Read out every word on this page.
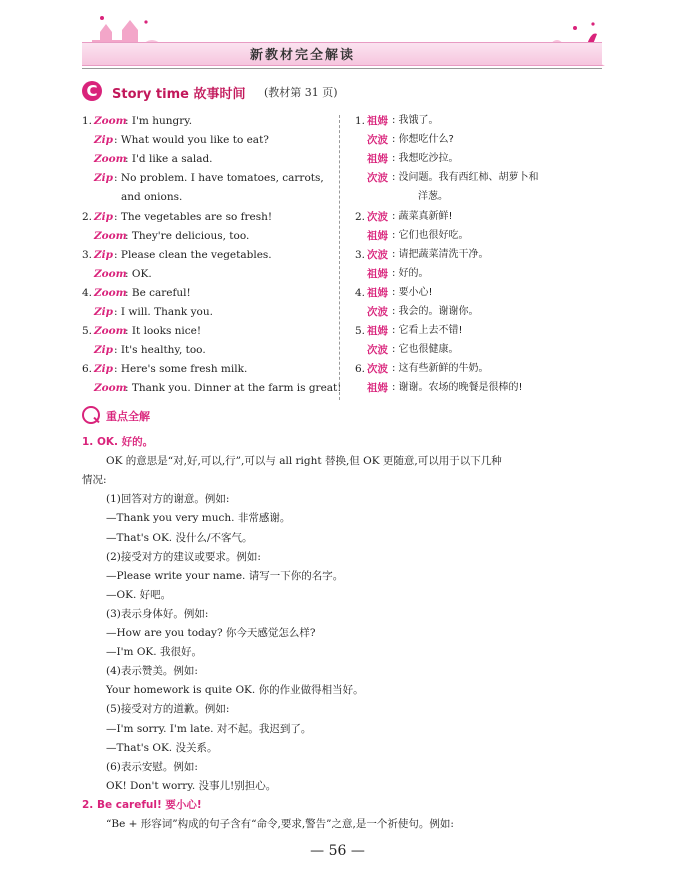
新教材完全解读
C	Story time 故事时间 (教材第 31 页)
1. Zoom
: I'm hungry.
Zip : What would you like to eat?
Zoom
: I'd like a salad.
Zip : No problem. I have tomatoes, carrots,
and onions.
2. Zip : The vegetables are so fresh!
Zoom
: They're delicious, too.
3. Zip : Please clean the vegetables.
Zoom
: OK.
4. Zoom
: Be careful!
Zip : I will. Thank you.
5. Zoom
: It looks nice!
Zip : It's healthy, too.
6. Zip : Here's some fresh milk.
Zoom
: Thank you. Dinner at the farm is great!
1. 祖姆 : 我饿了。
次波 : 你想吃什么?
祖姆 : 我想吃沙拉。
次波 : 没问题。我有西红柿、胡萝卜和
洋葱。
2. 次波 : 蔬菜真新鲜!
祖姆 : 它们也很好吃。
3. 次波 : 请把蔬菜清洗干净。
祖姆 : 好的。
4. 祖姆 : 要小心!
次波 : 我会的。谢谢你。
5. 祖姆 : 它看上去不错!
次波 : 它也很健康。
6. 次波 : 这有些新鲜的牛奶。
祖姆 : 谢谢。农场的晚餐是很棒的!
重点全解
1. OK. 好的。
OK 的意思是“对,好,可以,行”,可以与 all right 替换,但 OK 更随意,可以用于以下几种
情况:
(1)回答对方的谢意。例如:
—Thank you very much. 非常感谢。
—That's OK. 没什么/不客气。
(2)接受对方的建议或要求。例如:
—Please write your name. 请写一下你的名字。
—OK. 好吧。
(3)表示身体好。例如:
—How are you today? 你今天感觉怎么样?
—I'm OK. 我很好。
(4)表示赞美。例如:
Your homework is quite OK. 你的作业做得相当好。
(5)接受对方的道歉。例如:
—I'm sorry. I'm late. 对不起。我迟到了。
—That's OK. 没关系。
(6)表示安慰。例如:
OK! Don't worry. 没事儿!别担心。
2. Be careful! 要小心!
“Be + 形容词”构成的句子含有“命令,要求,警告”之意,是一个祈使句。例如:
— 56 —
